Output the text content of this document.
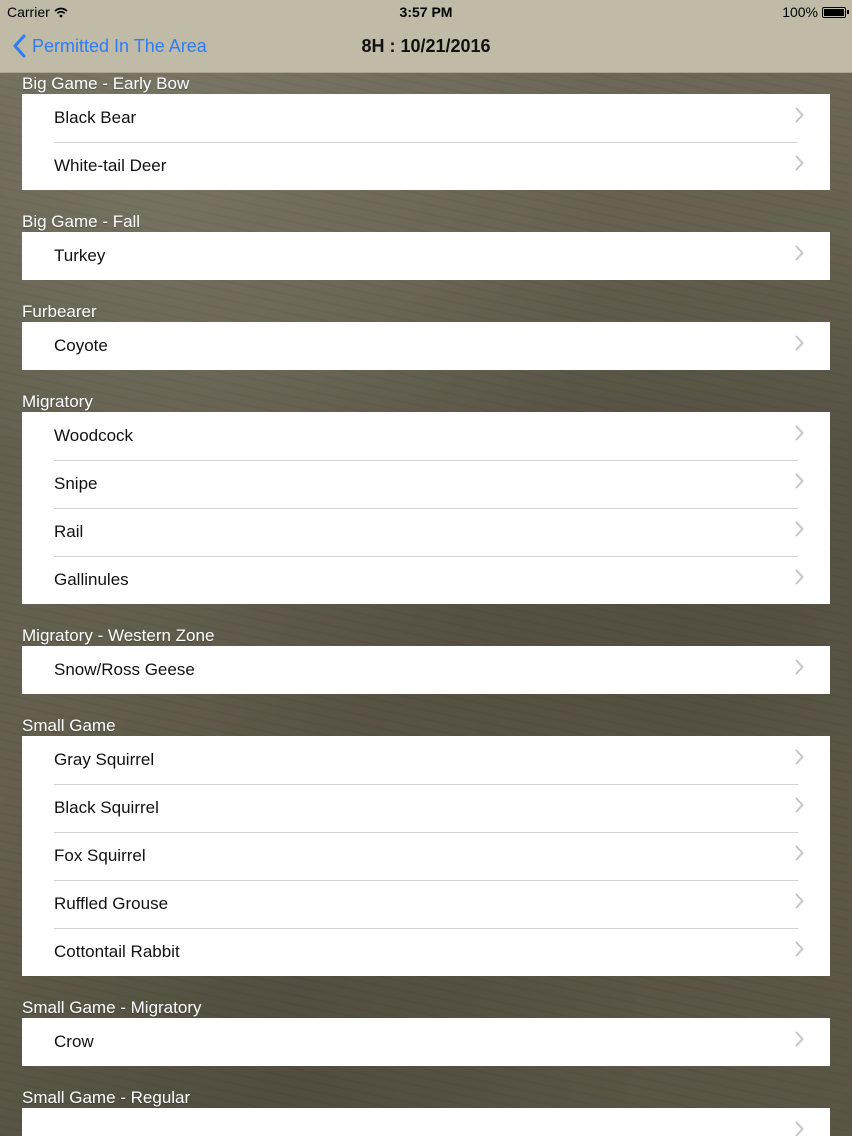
Carrier	3:57 PM	100%
Permitted In The Area	8H : 10/21/2016
Big Game - Early Bow
Black Bear
White-tail Deer
Big Game - Fall
Turkey
Furbearer
Coyote
Migratory
Woodcock
Snipe
Rail
Gallinules
Migratory - Western Zone
Snow/Ross Geese
Small Game
Gray Squirrel
Black Squirrel
Fox Squirrel
Ruffled Grouse
Cottontail Rabbit
Small Game - Migratory
Crow
Small Game - Regular
